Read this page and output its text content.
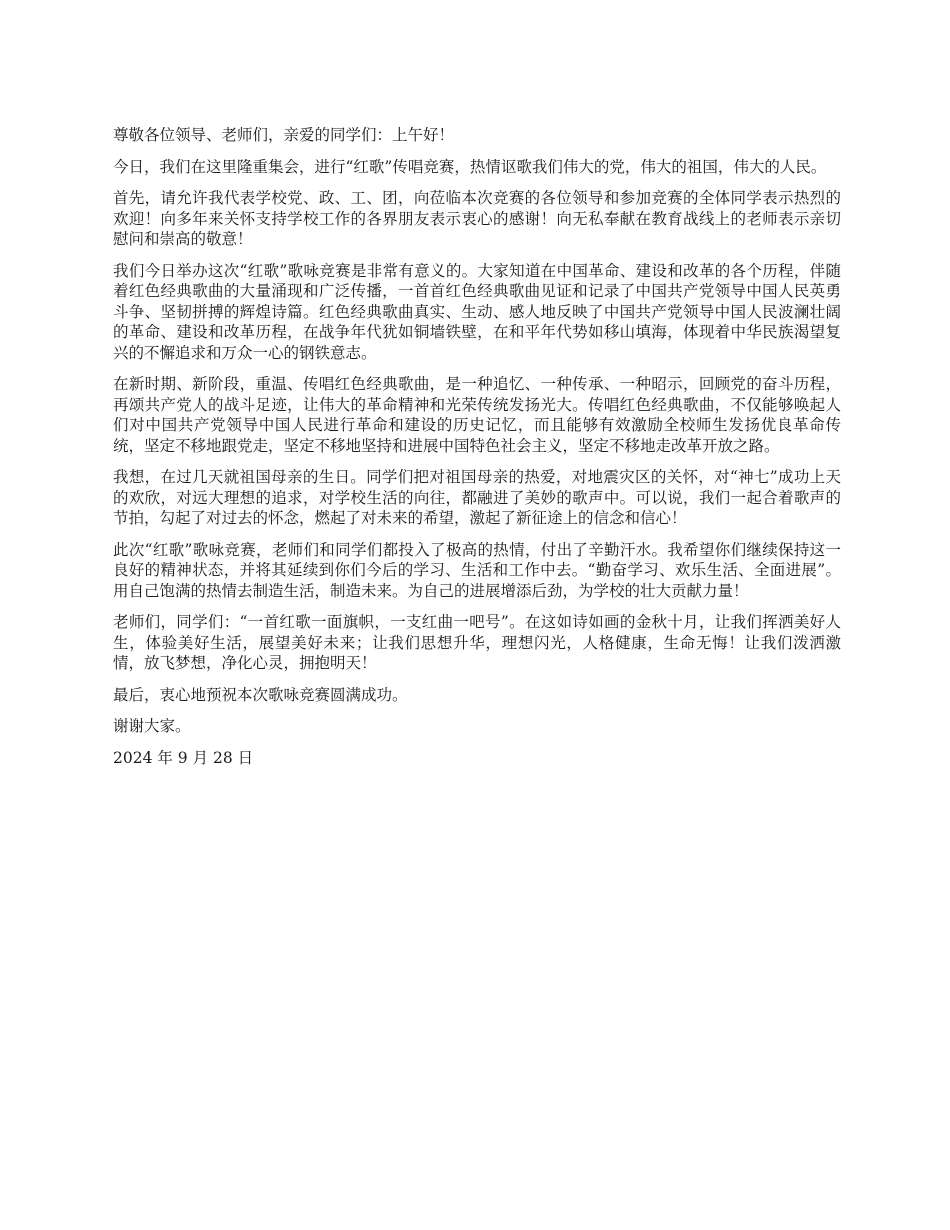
尊敬各位领导、老师们，亲爱的同学们：上午好！

今日，我们在这里隆重集会，进行“红歌”传唱竞赛，热情讴歌我们伟大的党，伟大的祖国，伟大的人民。

首先，请允许我代表学校党、政、工、团，向莅临本次竞赛的各位领导和参加竞赛的全体同学表示热烈的欢迎！向多年来关怀支持学校工作的各界朋友表示衷心的感谢！向无私奉献在教育战线上的老师表示亲切慰问和崇高的敬意！

我们今日举办这次“红歌”歌咏竞赛是非常有意义的。大家知道在中国革命、建设和改革的各个历程，伴随着红色经典歌曲的大量涌现和广泛传播，一首首红色经典歌曲见证和记录了中国共产党领导中国人民英勇斗争、坚韧拼搏的辉煌诗篇。红色经典歌曲真实、生动、感人地反映了中国共产党领导中国人民波澜壮阔的革命、建设和改革历程，在战争年代犹如铜墙铁壁，在和平年代势如移山填海，体现着中华民族渴望复兴的不懈追求和万众一心的钢铁意志。

在新时期、新阶段，重温、传唱红色经典歌曲，是一种追忆、一种传承、一种昭示，回顾党的奋斗历程，再颂共产党人的战斗足迹，让伟大的革命精神和光荣传统发扬光大。传唱红色经典歌曲，不仅能够唤起人们对中国共产党领导中国人民进行革命和建设的历史记忆，而且能够有效激励全校师生发扬优良革命传统，坚定不移地跟党走，坚定不移地坚持和进展中国特色社会主义，坚定不移地走改革开放之路。

我想，在过几天就祖国母亲的生日。同学们把对祖国母亲的热爱，对地震灾区的关怀，对“神七”成功上天的欢欣，对远大理想的追求，对学校生活的向往，都融进了美妙的歌声中。可以说，我们一起合着歌声的节拍，勾起了对过去的怀念，燃起了对未来的希望，激起了新征途上的信念和信心！

此次“红歌”歌咏竞赛，老师们和同学们都投入了极高的热情，付出了辛勤汗水。我希望你们继续保持这一良好的精神状态，并将其延续到你们今后的学习、生活和工作中去。“勤奋学习、欢乐生活、全面进展”。用自己饱满的热情去制造生活，制造未来。为自己的进展增添后劲，为学校的壮大贡献力量！

老师们，同学们：“一首红歌一面旗帜，一支红曲一吧号”。在这如诗如画的金秋十月，让我们挥洒美好人生，体验美好生活，展望美好未来；让我们思想升华，理想闪光，人格健康，生命无悔！让我们泼洒激情，放飞梦想，净化心灵，拥抱明天！

最后，衷心地预祝本次歌咏竞赛圆满成功。

谢谢大家。

2024 年 9 月 28 日
